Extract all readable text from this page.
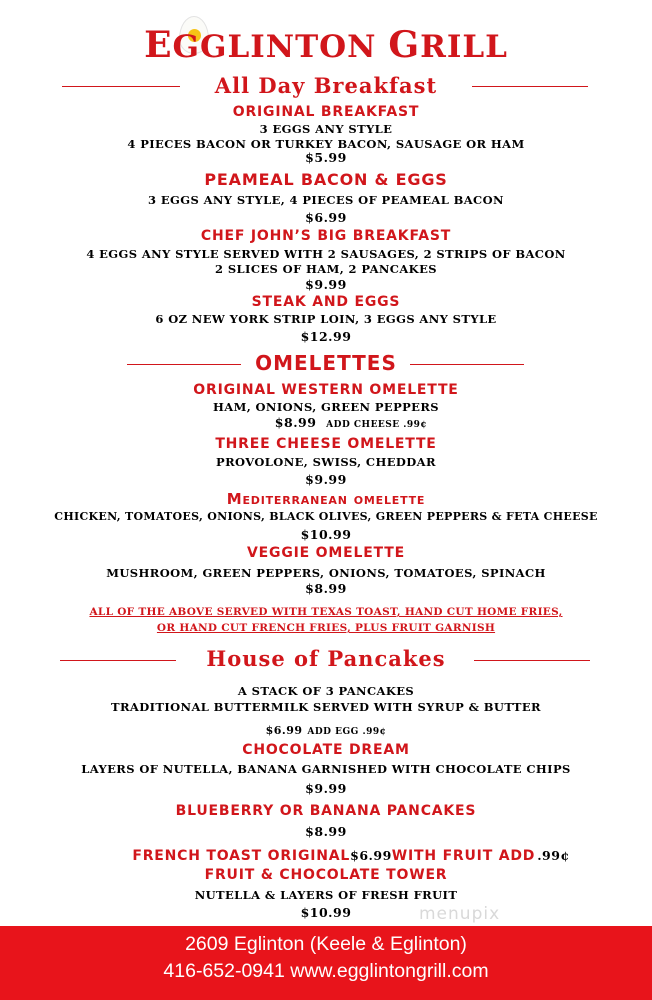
EGGLINTON GRILL
All Day Breakfast
ORIGINAL BREAKFAST
3 EGGS ANY STYLE
4 PIECES BACON OR TURKEY BACON, SAUSAGE OR HAM
$5.99
PEAMEAL BACON & EGGS
3 EGGS ANY STYLE, 4 PIECES OF PEAMEAL BACON
$6.99
CHEF JOHN’S BIG BREAKFAST
4 EGGS ANY STYLE SERVED WITH 2 SAUSAGES, 2 STRIPS OF BACON
2 SLICES OF HAM, 2 PANCAKES
$9.99
STEAK AND EGGS
6 OZ NEW YORK STRIP LOIN, 3 EGGS ANY STYLE
$12.99
OMELETTES
ORIGINAL WESTERN OMELETTE
HAM, ONIONS, GREEN PEPPERS
$8.99 ADD CHEESE .99¢
THREE CHEESE OMELETTE
PROVOLONE, SWISS, CHEDDAR
$9.99
Mediterranean omelette
CHICKEN, TOMATOES, ONIONS, BLACK OLIVES, GREEN PEPPERS & FETA CHEESE
$10.99
VEGGIE OMELETTE
MUSHROOM, GREEN PEPPERS, ONIONS, TOMATOES, SPINACH
$8.99
ALL OF THE ABOVE SERVED WITH TEXAS TOAST, HAND CUT HOME FRIES,
OR HAND CUT FRENCH FRIES, PLUS FRUIT GARNISH
House of Pancakes
A STACK OF 3 PANCAKES
TRADITIONAL BUTTERMILK SERVED WITH SYRUP & BUTTER
$6.99 ADD EGG .99¢
CHOCOLATE DREAM
LAYERS OF NUTELLA, BANANA GARNISHED WITH CHOCOLATE CHIPS
$9.99
BLUEBERRY OR BANANA PANCAKES
$8.99
FRENCH TOAST ORIGINAL$6.99WITH FRUIT ADD .99¢
FRUIT & CHOCOLATE TOWER
NUTELLA & LAYERS OF FRESH FRUIT
$10.99	menupix
2609 Eglinton (Keele & Eglinton)
416-652-0941 www.egglintongrill.com
